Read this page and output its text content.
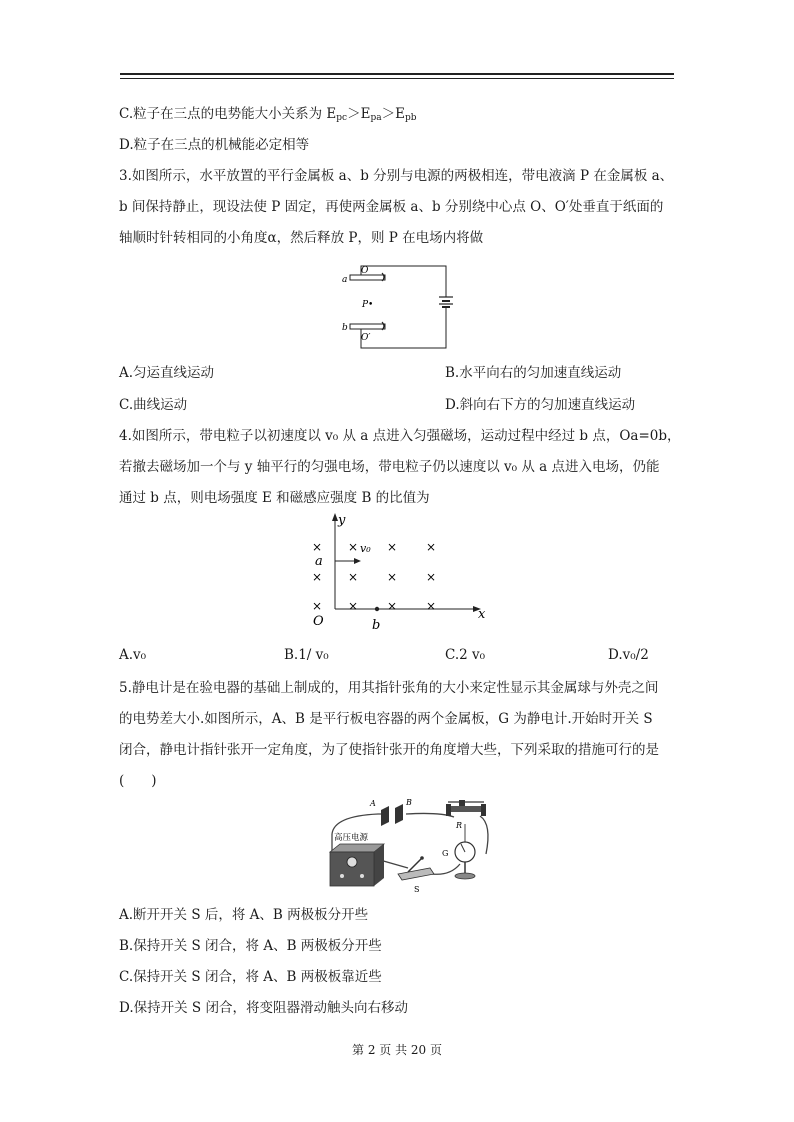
C.粒子在三点的电势能大小关系为 $E_{pc}>E_{pa}>E_{pb}$
D.粒子在三点的机械能必定相等
3.如图所示，水平放置的平行金属板 a、b 分别与电源的两极相连，带电液滴 P 在金属板 a、
b 间保持静止，现设法使 P 固定，再使两金属板 a、b 分别绕中心点 O、O′处垂直于纸面的
轴顺时针转相同的小角度α，然后释放 P，则 P 在电场内将做
a
b
O
O′
P•
A.匀运直线运动	B.水平向右的匀加速直线运动
C.曲线运动	D.斜向右下方的匀加速直线运动
4.如图所示，带电粒子以初速度以 v₀ 从 a 点进入匀强磁场，运动过程中经过 b 点，Oa=0b，
若撤去磁场加一个与 y 轴平行的匀强电场，带电粒子仍以速度以 v₀ 从 a 点进入电场，仍能
通过 b 点，则电场强度 E 和磁感应强度 B 的比值为
y
x
O
a
b
v₀
× × × ×
× × × ×
× × × ×
A.v₀	B.1/ v₀	C.2 v₀	D.v₀/2
5.静电计是在验电器的基础上制成的，用其指针张角的大小来定性显示其金属球与外壳之间
的电势差大小.如图所示，A、B 是平行板电容器的两个金属板，G 为静电计.开始时开关 S
闭合，静电计指针张开一定角度，为了使指针张开的角度增大些，下列采取的措施可行的是
(　　)
A	B
R
G
高压电源
S
A.断开开关 S 后，将 A、B 两极板分开些
B.保持开关 S 闭合，将 A、B 两极板分开些
C.保持开关 S 闭合，将 A、B 两极板靠近些
D.保持开关 S 闭合，将变阻器滑动触头向右移动
第 2 页 共 20 页
